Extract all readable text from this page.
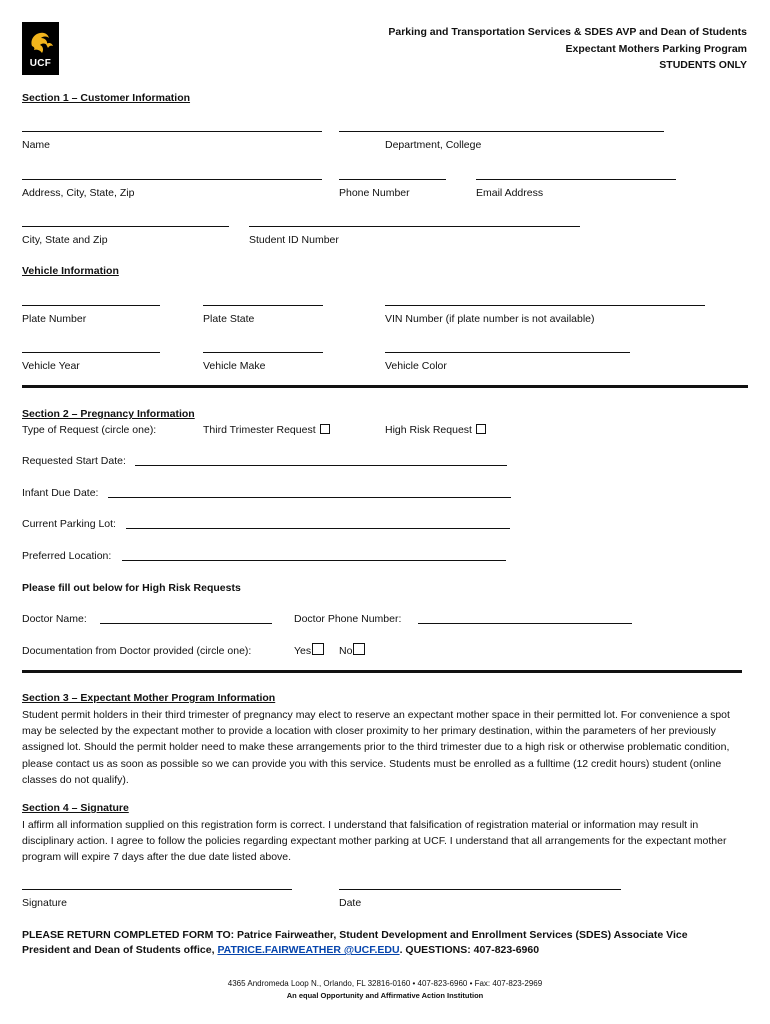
UCF
Parking and Transportation Services & SDES AVP and Dean of Students
Expectant Mothers Parking Program
STUDENTS ONLY
Section 1 – Customer Information
Name	Department, College
Address, City, State, Zip	Phone Number	Email Address
City, State and Zip	Student ID Number
Vehicle Information
Plate Number	Plate State	VIN Number (if plate number is not available)
Vehicle Year	Vehicle Make	Vehicle Color
Section 2 – Pregnancy Information
Type of Request (circle one):	Third Trimester Request	High Risk Request
Requested Start Date:
Infant Due Date:
Current Parking Lot:
Preferred Location:
Please fill out below for High Risk Requests
Doctor Name:	Doctor Phone Number:
Documentation from Doctor provided (circle one):	Yes	No
Section 3 – Expectant Mother Program Information
Student permit holders in their third trimester of pregnancy may elect to reserve an expectant mother space in their permitted lot. For convenience a spot may be selected by the expectant mother to provide a location with closer proximity to her primary destination, within the parameters of her previously assigned lot. Should the permit holder need to make these arrangements prior to the third trimester due to a high risk or otherwise problematic condition, please contact us as soon as possible so we can provide you with this service. Students must be enrolled as a fulltime (12 credit hours) student (online classes do not qualify).
Section 4 – Signature
I affirm all information supplied on this registration form is correct. I understand that falsification of registration material or information may result in disciplinary action. I agree to follow the policies regarding expectant mother parking at UCF. I understand that all arrangements for the expectant mother program will expire 7 days after the due date listed above.
Signature	Date
PLEASE RETURN COMPLETED FORM TO: Patrice Fairweather, Student Development and Enrollment Services (SDES) Associate Vice
President and Dean of Students office, PATRICE.FAIRWEATHER @UCF.EDU. QUESTIONS: 407-823-6960
4365 Andromeda Loop N., Orlando, FL 32816-0160 • 407-823-6960 • Fax: 407-823-2969
An equal Opportunity and Affirmative Action Institution
